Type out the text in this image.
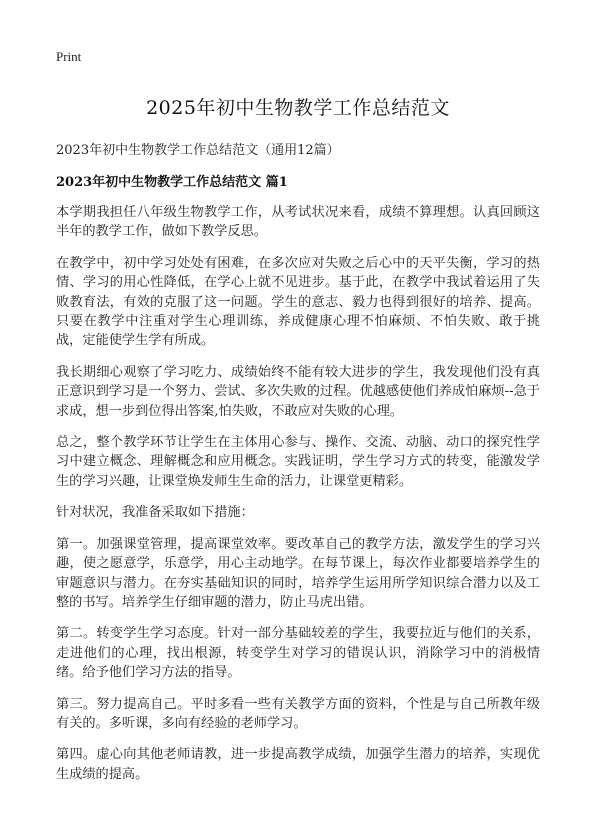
Print
2025年初中生物教学工作总结范文
2023年初中生物教学工作总结范文（通用12篇）
2023年初中生物教学工作总结范文 篇1

本学期我担任八年级生物教学工作，从考试状况来看，成绩不算理想。认真回顾这半年的教学工作，做如下教学反思。

在教学中，初中学习处处有困难，在多次应对失败之后心中的天平失衡，学习的热情、学习的用心性降低，在学心上就不见进步。基于此，在教学中我试着运用了失败教育法，有效的克服了这一问题。学生的意志、毅力也得到很好的培养、提高。只要在教学中注重对学生心理训练，养成健康心理不怕麻烦、不怕失败、敢于挑战，定能使学生学有所成。

我长期细心观察了学习吃力、成绩始终不能有较大进步的学生，我发现他们没有真正意识到学习是一个努力、尝试、多次失败的过程。优越感使他们养成怕麻烦--急于求成，想一步到位得出答案,怕失败，不敢应对失败的心理。

总之，整个教学环节让学生在主体用心参与、操作、交流、动脑、动口的探究性学习中建立概念、理解概念和应用概念。实践证明，学生学习方式的转变，能激发学生的学习兴趣，让课堂焕发师生生命的活力，让课堂更精彩。

针对状况，我准备采取如下措施：

第一。加强课堂管理，提高课堂效率。要改革自己的教学方法，激发学生的学习兴趣，使之愿意学，乐意学，用心主动地学。在每节课上，每次作业都要培养学生的审题意识与潜力。在夯实基础知识的同时，培养学生运用所学知识综合潜力以及工整的书写。培养学生仔细审题的潜力，防止马虎出错。

第二。转变学生学习态度。针对一部分基础较差的学生，我要拉近与他们的关系，走进他们的心理，找出根源，转变学生对学习的错误认识，消除学习中的消极情绪。给予他们学习方法的指导。

第三。努力提高自己。平时多看一些有关教学方面的资料，个性是与自己所教年级有关的。多听课，多向有经验的老师学习。

第四。虚心向其他老师请教，进一步提高教学成绩，加强学生潜力的培养，实现优生成绩的提高。
